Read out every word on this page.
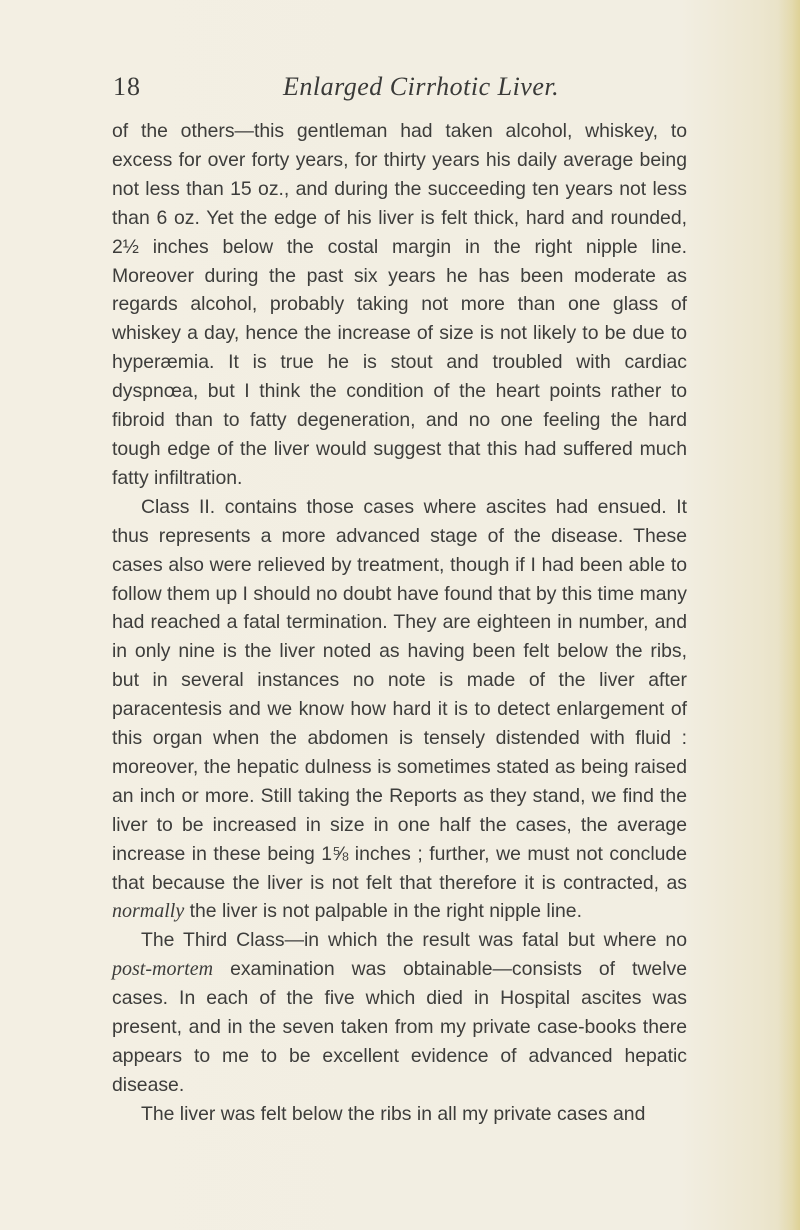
18	Enlarged Cirrhotic Liver.

of the others—this gentleman had taken alcohol, whiskey, to excess for over forty years, for thirty years his daily average being not less than 15 oz., and during the succeeding ten years not less than 6 oz. Yet the edge of his liver is felt thick, hard and rounded, 2½ inches below the costal margin in the right nipple line. Moreover during the past six years he has been moderate as regards alcohol, probably taking not more than one glass of whiskey a day, hence the increase of size is not likely to be due to hyperæmia. It is true he is stout and troubled with cardiac dyspnœa, but I think the condition of the heart points rather to fibroid than to fatty degeneration, and no one feeling the hard tough edge of the liver would suggest that this had suffered much fatty infiltration.

Class II. contains those cases where ascites had ensued. It thus represents a more advanced stage of the disease. These cases also were relieved by treatment, though if I had been able to follow them up I should no doubt have found that by this time many had reached a fatal termination. They are eighteen in number, and in only nine is the liver noted as having been felt below the ribs, but in several instances no note is made of the liver after paracentesis and we know how hard it is to detect enlargement of this organ when the abdomen is tensely distended with fluid : moreover, the hepatic dulness is sometimes stated as being raised an inch or more. Still taking the Reports as they stand, we find the liver to be increased in size in one half the cases, the average increase in these being 1⅝ inches ; further, we must not conclude that because the liver is not felt that therefore it is contracted, as normally the liver is not palpable in the right nipple line.

The Third Class—in which the result was fatal but where no post-mortem examination was obtainable—consists of twelve cases. In each of the five which died in Hospital ascites was present, and in the seven taken from my private case-books there appears to me to be excellent evidence of advanced hepatic disease.

The liver was felt below the ribs in all my private cases and
